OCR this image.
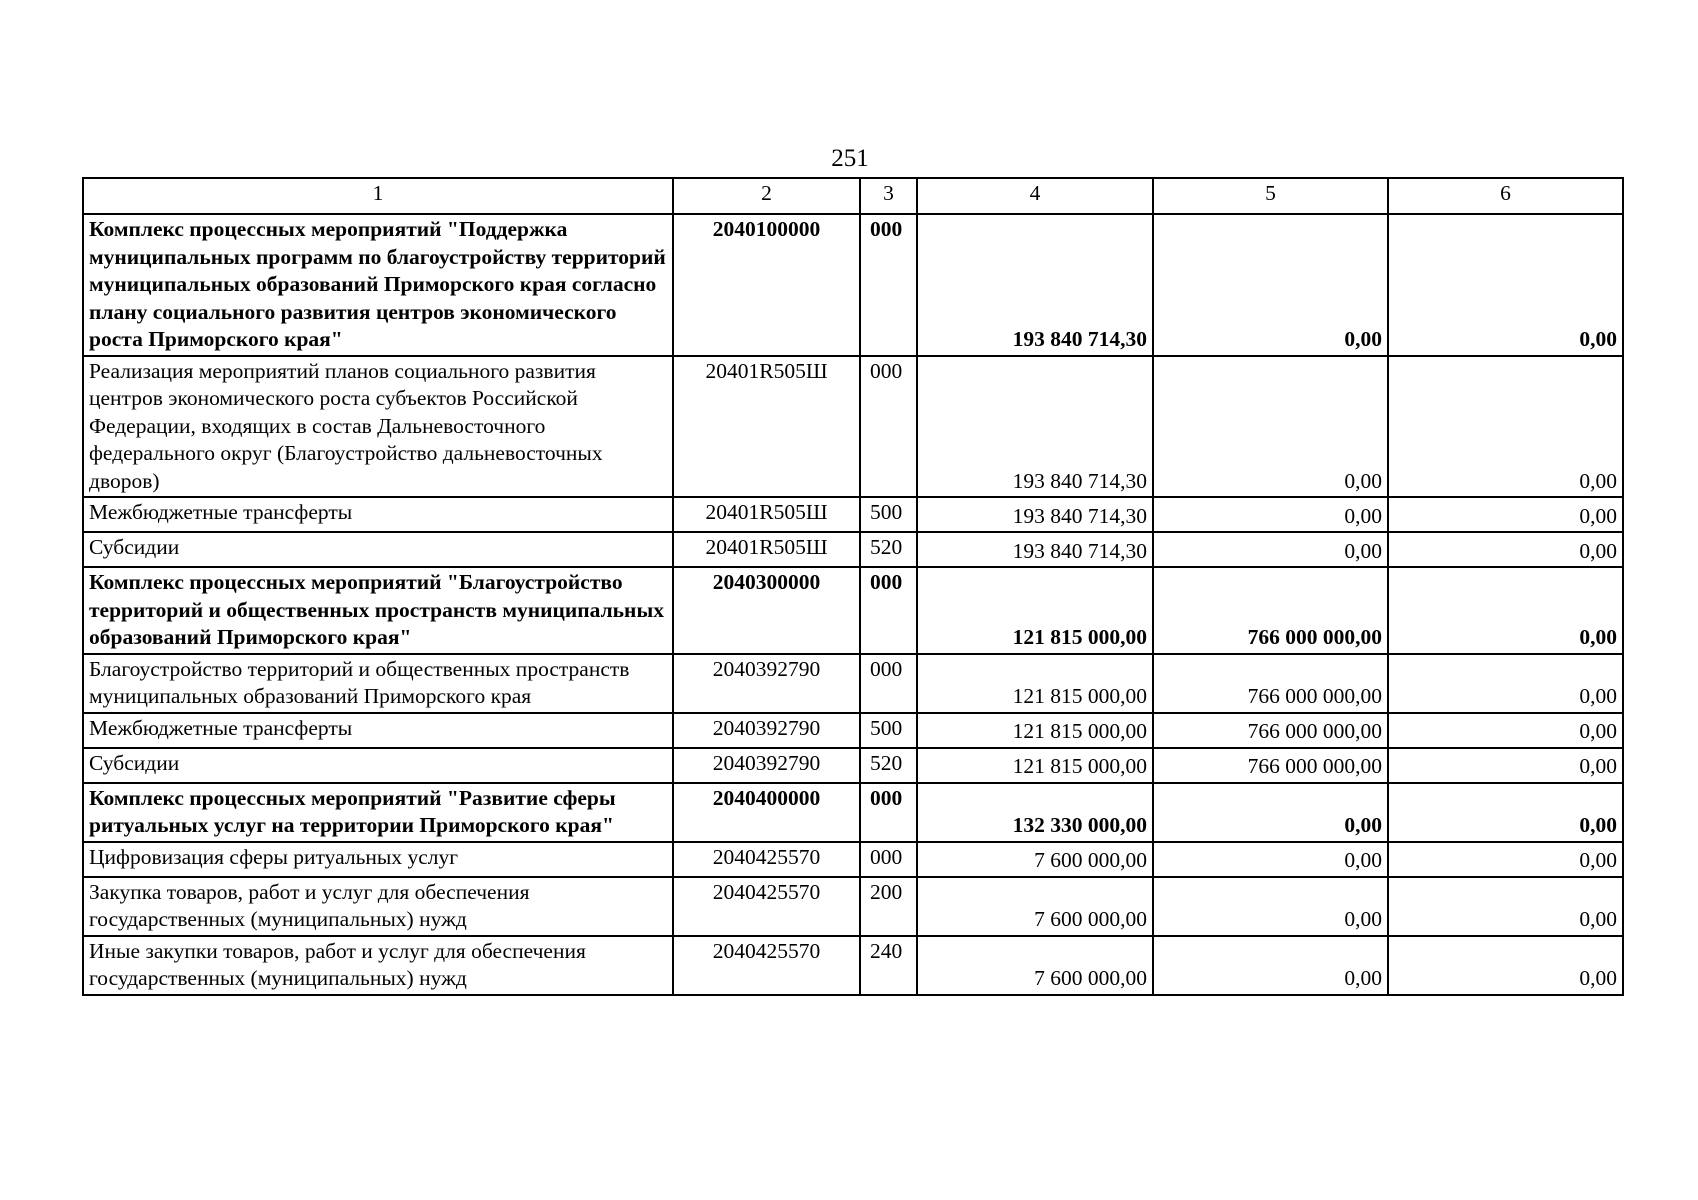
251
1	2	3	4	5	6
Комплекс процессных мероприятий "Поддержка муниципальных программ по благоустройству территорий муниципальных образований Приморского края согласно плану социального развития центров экономического роста Приморского края"	2040100000	000	193 840 714,30	0,00	0,00
Реализация мероприятий планов социального развития центров экономического роста субъектов Российской Федерации, входящих в состав Дальневосточного федерального округ (Благоустройство дальневосточных дворов)	20401R505Ш	000	193 840 714,30	0,00	0,00
Межбюджетные трансферты	20401R505Ш	500	193 840 714,30	0,00	0,00
Субсидии	20401R505Ш	520	193 840 714,30	0,00	0,00
Комплекс процессных мероприятий "Благоустройство территорий и общественных пространств муниципальных образований Приморского края"	2040300000	000	121 815 000,00	766 000 000,00	0,00
Благоустройство территорий и общественных пространств муниципальных образований Приморского края	2040392790	000	121 815 000,00	766 000 000,00	0,00
Межбюджетные трансферты	2040392790	500	121 815 000,00	766 000 000,00	0,00
Субсидии	2040392790	520	121 815 000,00	766 000 000,00	0,00
Комплекс процессных мероприятий "Развитие сферы ритуальных услуг на территории Приморского края"	2040400000	000	132 330 000,00	0,00	0,00
Цифровизация сферы ритуальных услуг	2040425570	000	7 600 000,00	0,00	0,00
Закупка товаров, работ и услуг для обеспечения государственных (муниципальных) нужд	2040425570	200	7 600 000,00	0,00	0,00
Иные закупки товаров, работ и услуг для обеспечения государственных (муниципальных) нужд	2040425570	240	7 600 000,00	0,00	0,00
